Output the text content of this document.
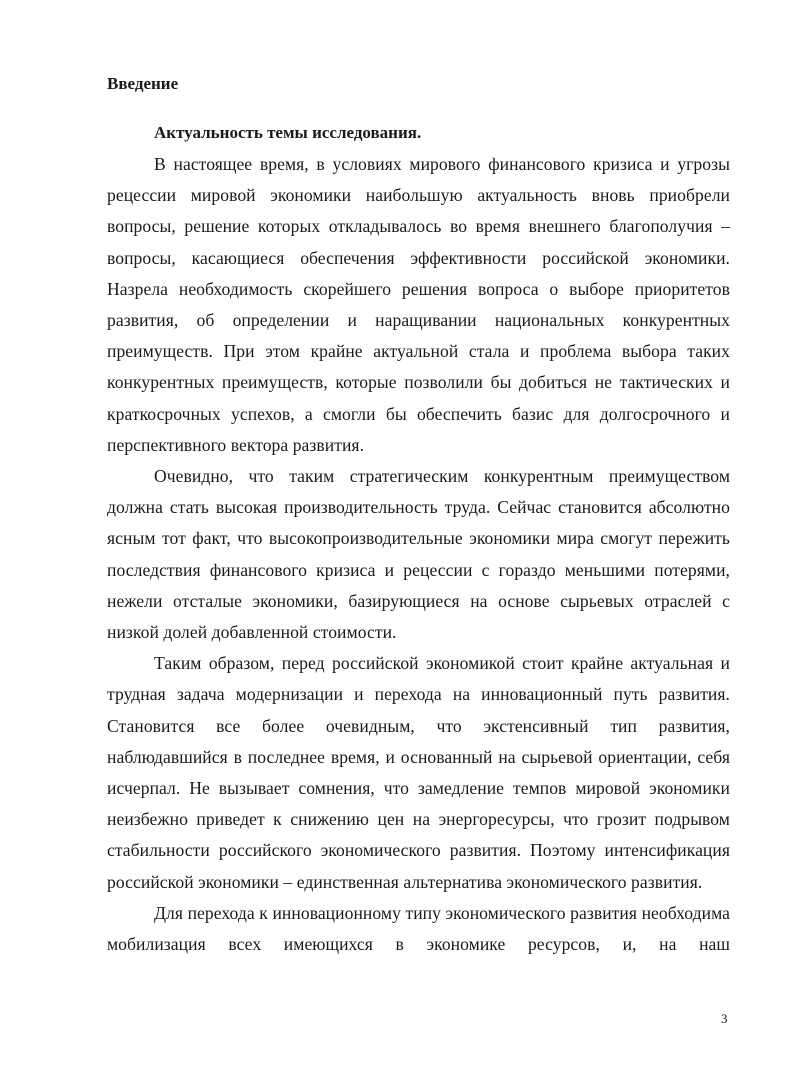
Введение
Актуальность темы исследования.

В настоящее время, в условиях мирового финансового кризиса и угрозы рецессии мировой экономики наибольшую актуальность вновь приобрели вопросы, решение которых откладывалось во время внешнего благополучия – вопросы, касающиеся обеспечения эффективности российской экономики. Назрела необходимость скорейшего решения вопроса о выборе приоритетов развития, об определении и наращивании национальных конкурентных преимуществ. При этом крайне актуальной стала и проблема выбора таких конкурентных преимуществ, которые позволили бы добиться не тактических и краткосрочных успехов, а смогли бы обеспечить базис для долгосрочного и перспективного вектора развития.

Очевидно, что таким стратегическим конкурентным преимуществом должна стать высокая производительность труда. Сейчас становится абсолютно ясным тот факт, что высокопроизводительные экономики мира смогут пережить последствия финансового кризиса и рецессии с гораздо меньшими потерями, нежели отсталые экономики, базирующиеся на основе сырьевых отраслей с низкой долей добавленной стоимости.

Таким образом, перед российской экономикой стоит крайне актуальная и трудная задача модернизации и перехода на инновационный путь развития. Становится все более очевидным, что экстенсивный тип развития, наблюдавшийся в последнее время, и основанный на сырьевой ориентации, себя исчерпал. Не вызывает сомнения, что замедление темпов мировой экономики неизбежно приведет к снижению цен на энергоресурсы, что грозит подрывом стабильности российского экономического развития. Поэтому интенсификация российской экономики – единственная альтернатива экономического развития.

Для перехода к инновационному типу экономического развития необходима мобилизация всех имеющихся в экономике ресурсов, и, на наш

3
